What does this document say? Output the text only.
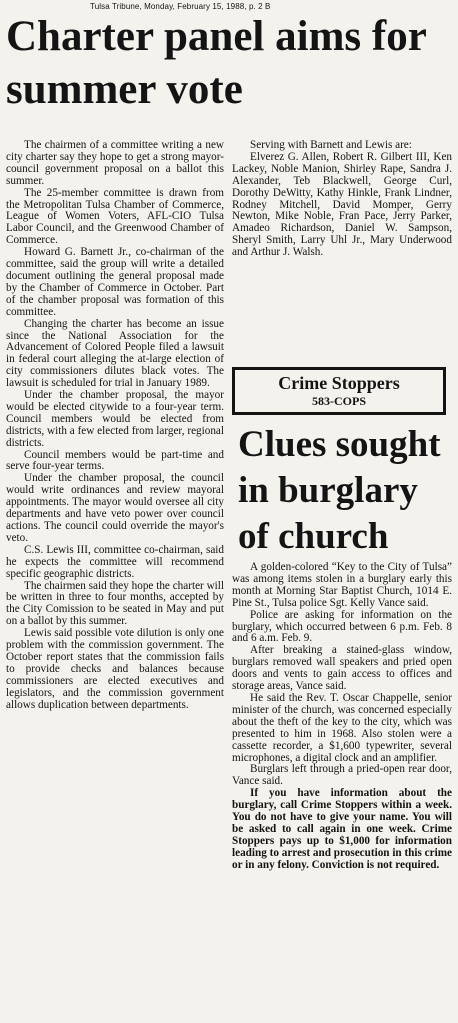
Tulsa Tribune, Monday, February 15, 1988, p. 2 B
Charter panel aims for summer vote

The chairmen of a committee writing a new city charter say they hope to get a strong mayor-council government proposal on a ballot this summer.

The 25-member committee is drawn from the Metropolitan Tulsa Chamber of Commerce, League of Women Voters, AFL-CIO Tulsa Labor Council, and the Greenwood Chamber of Commerce.

Howard G. Barnett Jr., co-chairman of the committee, said the group will write a detailed document outlining the general proposal made by the Chamber of Commerce in October. Part of the chamber proposal was formation of this committee.

Changing the charter has become an issue since the National Association for the Advancement of Colored People filed a lawsuit in federal court alleging the at-large election of city commissioners dilutes black votes. The lawsuit is scheduled for trial in January 1989.

Under the chamber proposal, the mayor would be elected citywide to a four-year term. Council members would be elected from districts, with a few elected from larger, regional districts.

Council members would be part-time and serve four-year terms.

Under the chamber proposal, the council would write ordinances and review mayoral appointments. The mayor would oversee all city departments and have veto power over council actions. The council could override the mayor's veto.

C.S. Lewis III, committee co-chairman, said he expects the committee will recommend specific geographic districts.

The chairmen said they hope the charter will be written in three to four months, accepted by the City Comission to be seated in May and put on a ballot by this summer.

Lewis said possible vote dilution is only one problem with the commission government. The October report states that the commission fails to provide checks and balances because commissioners are elected executives and legislators, and the commission government allows duplication between departments.

Serving with Barnett and Lewis are:

Elverez G. Allen, Robert R. Gilbert III, Ken Lackey, Noble Manion, Shirley Rape, Sandra J. Alexander, Teb Blackwell, George Curl, Dorothy DeWitty, Kathy Hinkle, Frank Lindner, Rodney Mitchell, David Momper, Gerry Newton, Mike Noble, Fran Pace, Jerry Parker, Amadeo Richardson, Daniel W. Sampson, Sheryl Smith, Larry Uhl Jr., Mary Underwood and Arthur J. Walsh.

Crime Stoppers
583-COPS
Clues sought in burglary of church

A golden-colored “Key to the City of Tulsa” was among items stolen in a burglary early this month at Morning Star Baptist Church, 1014 E. Pine St., Tulsa police Sgt. Kelly Vance said.

Police are asking for information on the burglary, which occurred between 6 p.m. Feb. 8 and 6 a.m. Feb. 9.

After breaking a stained-glass window, burglars removed wall speakers and pried open doors and vents to gain access to offices and storage areas, Vance said.

He said the Rev. T. Oscar Chappelle, senior minister of the church, was concerned especially about the theft of the key to the city, which was presented to him in 1968. Also stolen were a cassette recorder, a $1,600 typewriter, several microphones, a digital clock and an amplifier.

Burglars left through a pried-open rear door, Vance said.

If you have information about the burglary, call Crime Stoppers within a week. You do not have to give your name. You will be asked to call again in one week. Crime Stoppers pays up to $1,000 for information leading to arrest and prosecution in this crime or in any felony. Conviction is not required.
